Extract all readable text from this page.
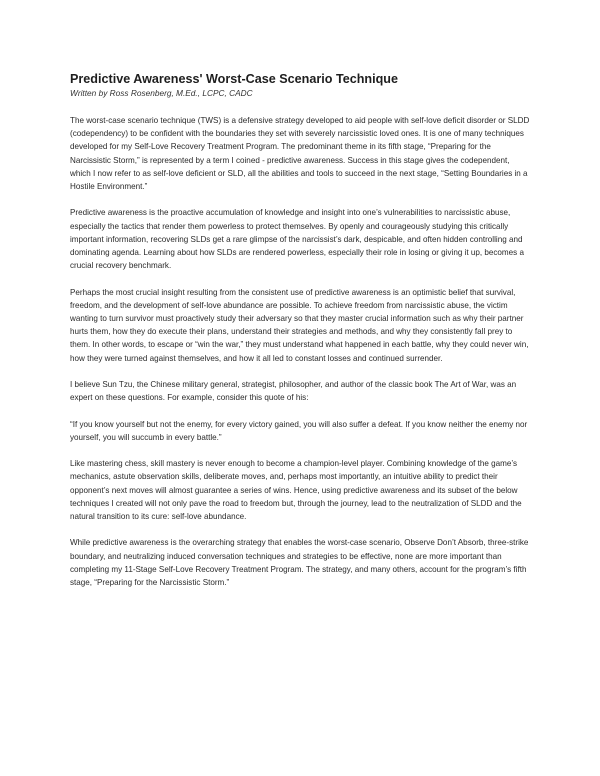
Predictive Awareness' Worst-Case Scenario Technique

Written by Ross Rosenberg, M.Ed., LCPC, CADC

The worst-case scenario technique (TWS) is a defensive strategy developed to aid people with self-love deficit disorder or SLDD (codependency) to be confident with the boundaries they set with severely narcissistic loved ones. It is one of many techniques developed for my Self-Love Recovery Treatment Program. The predominant theme in its fifth stage, “Preparing for the Narcissistic Storm,” is represented by a term I coined - predictive awareness. Success in this stage gives the codependent, which I now refer to as self-love deficient or SLD, all the abilities and tools to succeed in the next stage, “Setting Boundaries in a Hostile Environment.”

Predictive awareness is the proactive accumulation of knowledge and insight into one’s vulnerabilities to narcissistic abuse, especially the tactics that render them powerless to protect themselves. By openly and courageously studying this critically important information, recovering SLDs get a rare glimpse of the narcissist’s dark, despicable, and often hidden controlling and dominating agenda. Learning about how SLDs are rendered powerless, especially their role in losing or giving it up, becomes a crucial recovery benchmark.

Perhaps the most crucial insight resulting from the consistent use of predictive awareness is an optimistic belief that survival, freedom, and the development of self-love abundance are possible. To achieve freedom from narcissistic abuse, the victim wanting to turn survivor must proactively study their adversary so that they master crucial information such as why their partner hurts them, how they do execute their plans, understand their strategies and methods, and why they consistently fall prey to them. In other words, to escape or “win the war,” they must understand what happened in each battle, why they could never win, how they were turned against themselves, and how it all led to constant losses and continued surrender.

I believe Sun Tzu, the Chinese military general, strategist, philosopher, and author of the classic book The Art of War, was an expert on these questions. For example, consider this quote of his:

“If you know yourself but not the enemy, for every victory gained, you will also suffer a defeat. If you know neither the enemy nor yourself, you will succumb in every battle.”

Like mastering chess, skill mastery is never enough to become a champion-level player. Combining knowledge of the game’s mechanics, astute observation skills, deliberate moves, and, perhaps most importantly, an intuitive ability to predict their opponent’s next moves will almost guarantee a series of wins. Hence, using predictive awareness and its subset of the below techniques I created will not only pave the road to freedom but, through the journey, lead to the neutralization of SLDD and the natural transition to its cure: self-love abundance.

While predictive awareness is the overarching strategy that enables the worst-case scenario, Observe Don’t Absorb, three-strike boundary, and neutralizing induced conversation techniques and strategies to be effective, none are more important than completing my 11-Stage Self-Love Recovery Treatment Program. The strategy, and many others, account for the program’s fifth stage, “Preparing for the Narcissistic Storm.”
